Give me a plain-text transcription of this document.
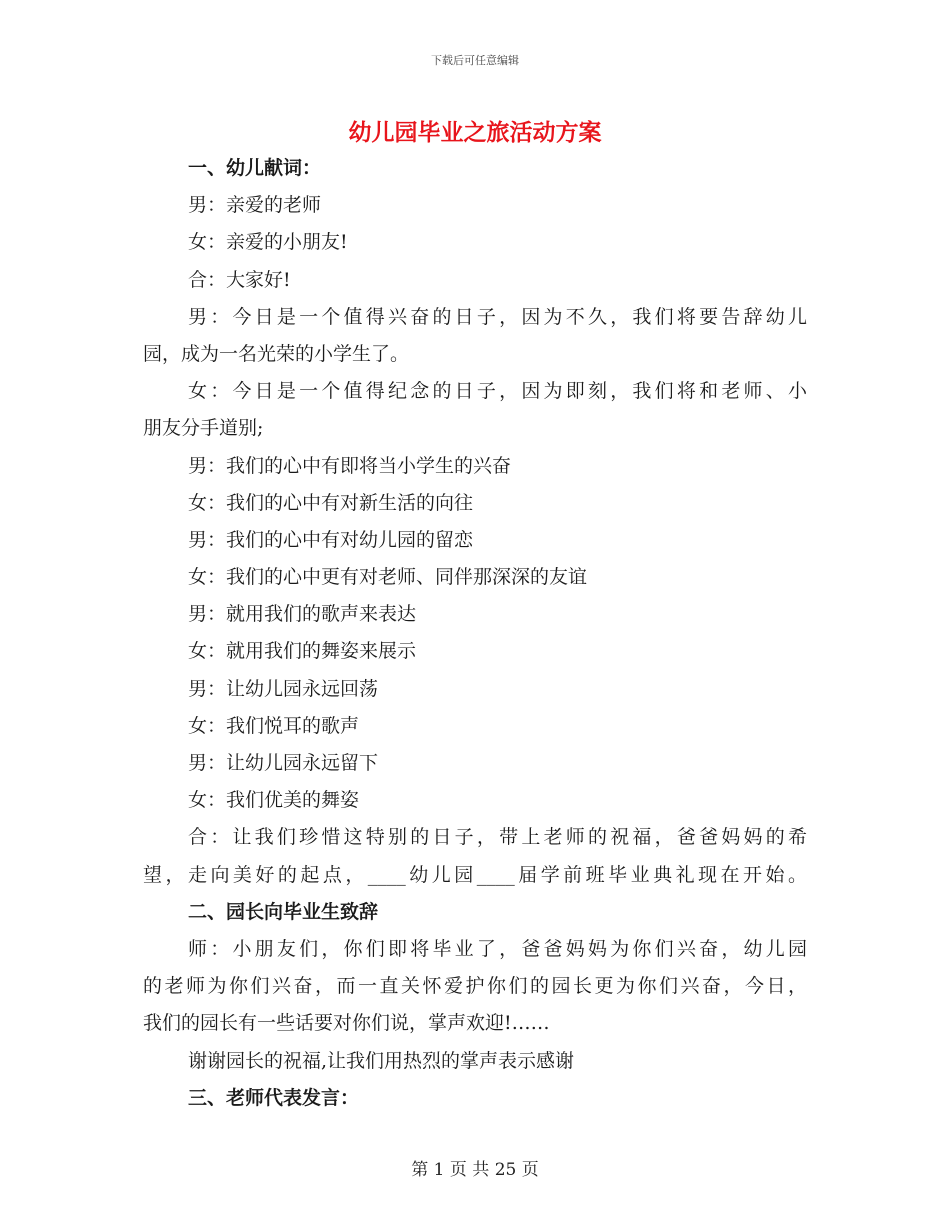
下载后可任意编辑
幼儿园毕业之旅活动方案
一、幼儿献词：
男：亲爱的老师
女：亲爱的小朋友!
合：大家好!
男：今日是一个值得兴奋的日子，因为不久，我们将要告辞幼儿
园，成为一名光荣的小学生了。
女：今日是一个值得纪念的日子，因为即刻，我们将和老师、小
朋友分手道别;
男：我们的心中有即将当小学生的兴奋
女：我们的心中有对新生活的向往
男：我们的心中有对幼儿园的留恋
女：我们的心中更有对老师、同伴那深深的友谊
男：就用我们的歌声来表达
女：就用我们的舞姿来展示
男：让幼儿园永远回荡
女：我们悦耳的歌声
男：让幼儿园永远留下
女：我们优美的舞姿
合：让我们珍惜这特别的日子，带上老师的祝福，爸爸妈妈的希
望，走向美好的起点，____幼儿园____届学前班毕业典礼现在开始。
二、园长向毕业生致辞
师：小朋友们，你们即将毕业了，爸爸妈妈为你们兴奋，幼儿园
的老师为你们兴奋，而一直关怀爱护你们的园长更为你们兴奋，今日，
我们的园长有一些话要对你们说，掌声欢迎!……
谢谢园长的祝福,让我们用热烈的掌声表示感谢
三、老师代表发言：
第 1 页 共 25 页
